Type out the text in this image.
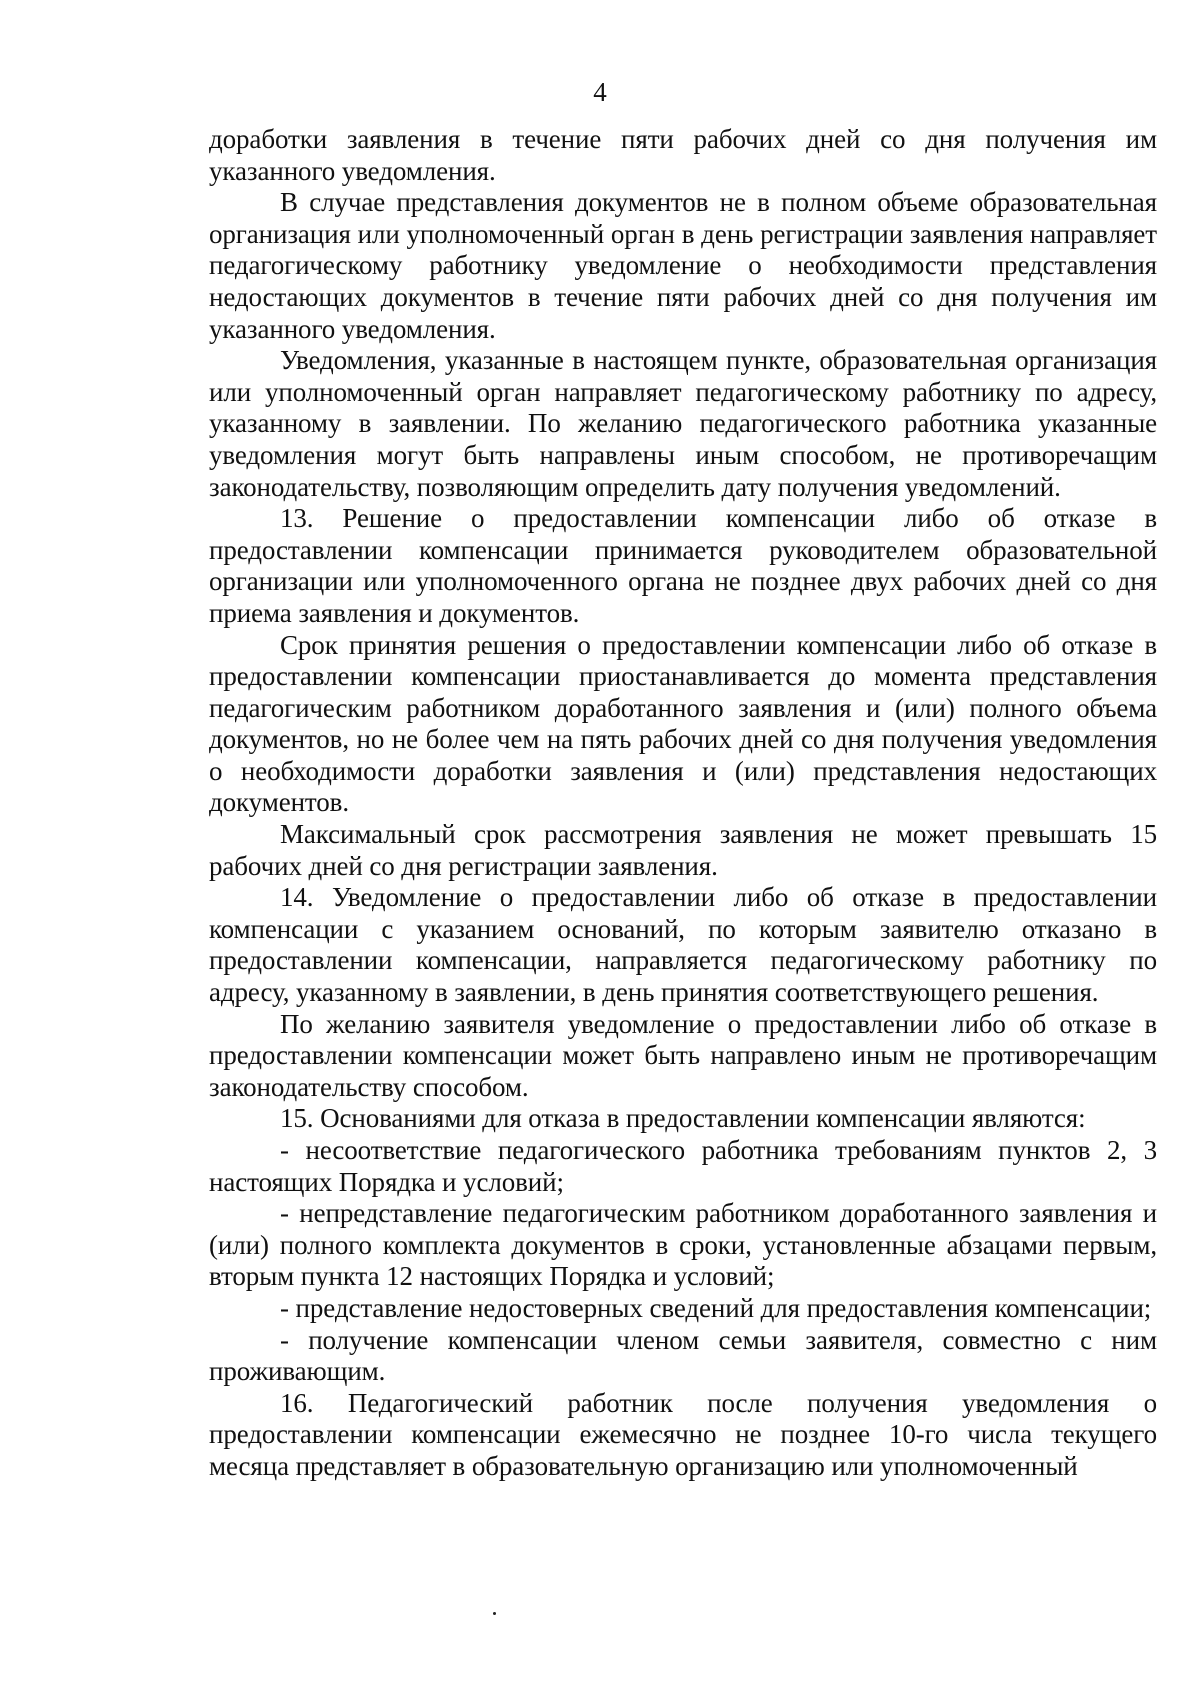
4

доработки заявления в течение пяти рабочих дней со дня получения им указанного уведомления.

В случае представления документов не в полном объеме образовательная организация или уполномоченный орган в день регистрации заявления направляет педагогическому работнику уведомление о необходимости представления недостающих документов в течение пяти рабочих дней со дня получения им указанного уведомления.

Уведомления, указанные в настоящем пункте, образовательная организация или уполномоченный орган направляет педагогическому работнику по адресу, указанному в заявлении. По желанию педагогического работника указанные уведомления могут быть направлены иным способом, не противоречащим законодательству, позволяющим определить дату получения уведомлений.

13. Решение о предоставлении компенсации либо об отказе в предоставлении компенсации принимается руководителем образовательной организации или уполномоченного органа не позднее двух рабочих дней со дня приема заявления и документов.

Срок принятия решения о предоставлении компенсации либо об отказе в предоставлении компенсации приостанавливается до момента представления педагогическим работником доработанного заявления и (или) полного объема документов, но не более чем на пять рабочих дней со дня получения уведомления о необходимости доработки заявления и (или) представления недостающих документов.

Максимальный срок рассмотрения заявления не может превышать 15 рабочих дней со дня регистрации заявления.

14. Уведомление о предоставлении либо об отказе в предоставлении компенсации с указанием оснований, по которым заявителю отказано в предоставлении компенсации, направляется педагогическому работнику по адресу, указанному в заявлении, в день принятия соответствующего решения.

По желанию заявителя уведомление о предоставлении либо об отказе в предоставлении компенсации может быть направлено иным не противоречащим законодательству способом.

15. Основаниями для отказа в предоставлении компенсации являются:

- несоответствие педагогического работника требованиям пунктов 2, 3 настоящих Порядка и условий;

- непредставление педагогическим работником доработанного заявления и (или) полного комплекта документов в сроки, установленные абзацами первым, вторым пункта 12 настоящих Порядка и условий;

- представление недостоверных сведений для предоставления компенсации;

- получение компенсации членом семьи заявителя, совместно с ним проживающим.

16. Педагогический работник после получения уведомления о предоставлении компенсации ежемесячно не позднее 10-го числа текущего месяца представляет в образовательную организацию или уполномоченный
